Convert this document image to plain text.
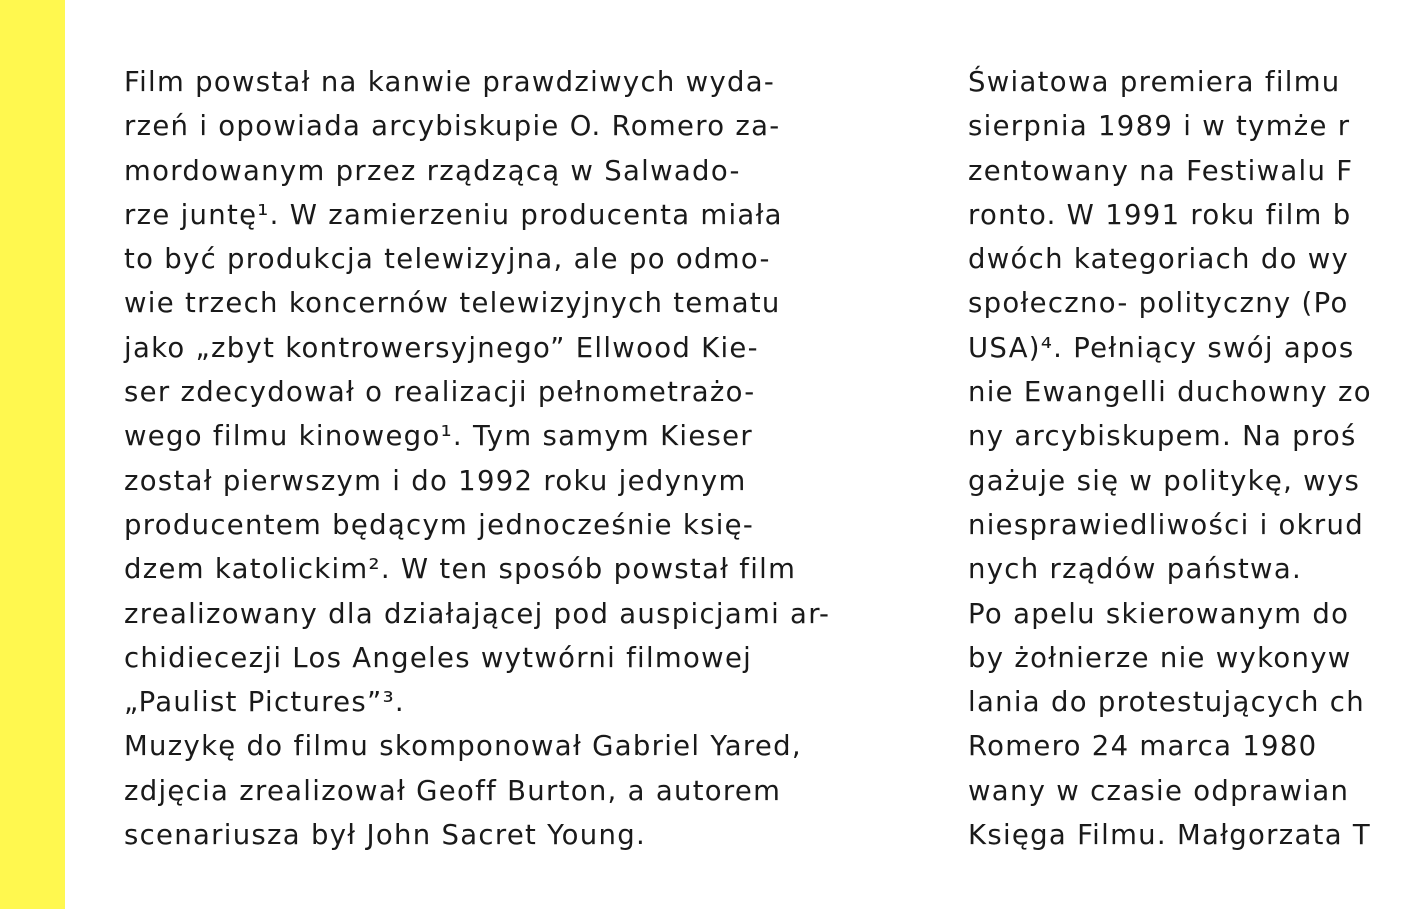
Film powstał na kanwie prawdziwych wyda-
rzeń i opowiada arcybiskupie O. Romero za-
mordowanym przez rządzącą w Salwado-
rze juntę¹. W zamierzeniu producenta miała
to być produkcja telewizyjna, ale po odmo-
wie trzech koncernów telewizyjnych tematu
jako „zbyt kontrowersyjnego” Ellwood Kie-
ser zdecydował o realizacji pełnometrażo-
wego filmu kinowego¹. Tym samym Kieser
został pierwszym i do 1992 roku jedynym
producentem będącym jednocześnie księ-
dzem katolickim². W ten sposób powstał film
zrealizowany dla działającej pod auspicjami ar-
chidiecezji Los Angeles wytwórni filmowej
„Paulist Pictures”³.
Muzykę do filmu skomponował Gabriel Yared,
zdjęcia zrealizował Geoff Burton, a autorem
scenariusza był John Sacret Young.
Światowa premiera filmu
sierpnia 1989 i w tymże r
zentowany na Festiwalu F
ronto. W 1991 roku film b
dwóch kategoriach do wy
społeczno- polityczny (Po
USA)⁴. Pełniący swój apos
nie Ewangelli duchowny zo
ny arcybiskupem. Na proś
gażuje się w politykę, wys
niesprawiedliwości i okrud
nych rządów państwa.
Po apelu skierowanym do
by żołnierze nie wykonyw
lania do protestujących ch
Romero 24 marca 1980
wany w czasie odprawian
Księga Filmu. Małgorzata T
